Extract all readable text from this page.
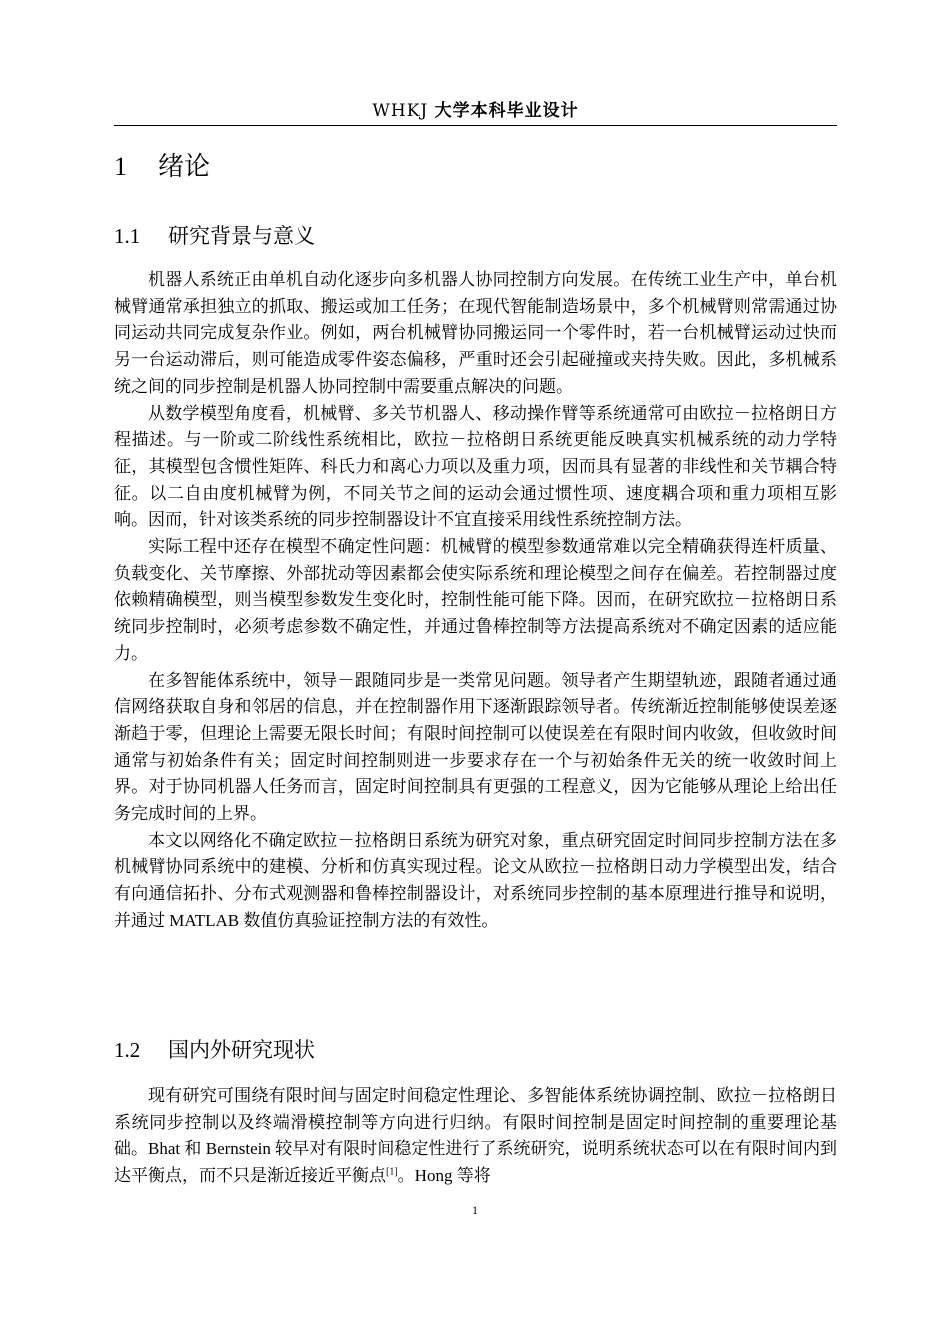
WHKJ 大学本科毕业设计
1 绪论
1.1 研究背景与意义

机器人系统正由单机自动化逐步向多机器人协同控制方向发展。在传统工业生产中，单台机械臂通常承担独立的抓取、搬运或加工任务；在现代智能制造场景中，多个机械臂则常需通过协同运动共同完成复杂作业。例如，两台机械臂协同搬运同一个零件时，若一台机械臂运动过快而另一台运动滞后，则可能造成零件姿态偏移，严重时还会引起碰撞或夹持失败。因此，多机械系统之间的同步控制是机器人协同控制中需要重点解决的问题。

从数学模型角度看，机械臂、多关节机器人、移动操作臂等系统通常可由欧拉－拉格朗日方程描述。与一阶或二阶线性系统相比，欧拉－拉格朗日系统更能反映真实机械系统的动力学特征，其模型包含惯性矩阵、科氏力和离心力项以及重力项，因而具有显著的非线性和关节耦合特征。以二自由度机械臂为例，不同关节之间的运动会通过惯性项、速度耦合项和重力项相互影响。因而，针对该类系统的同步控制器设计不宜直接采用线性系统控制方法。

实际工程中还存在模型不确定性问题：机械臂的模型参数通常难以完全精确获得连杆质量、负载变化、关节摩擦、外部扰动等因素都会使实际系统和理论模型之间存在偏差。若控制器过度依赖精确模型，则当模型参数发生变化时，控制性能可能下降。因而，在研究欧拉－拉格朗日系统同步控制时，必须考虑参数不确定性，并通过鲁棒控制等方法提高系统对不确定因素的适应能力。

在多智能体系统中，领导－跟随同步是一类常见问题。领导者产生期望轨迹，跟随者通过通信网络获取自身和邻居的信息，并在控制器作用下逐渐跟踪领导者。传统渐近控制能够使误差逐渐趋于零，但理论上需要无限长时间；有限时间控制可以使误差在有限时间内收敛，但收敛时间通常与初始条件有关；固定时间控制则进一步要求存在一个与初始条件无关的统一收敛时间上界。对于协同机器人任务而言，固定时间控制具有更强的工程意义，因为它能够从理论上给出任务完成时间的上界。

本文以网络化不确定欧拉－拉格朗日系统为研究对象，重点研究固定时间同步控制方法在多机械臂协同系统中的建模、分析和仿真实现过程。论文从欧拉－拉格朗日动力学模型出发，结合有向通信拓扑、分布式观测器和鲁棒控制器设计，对系统同步控制的基本原理进行推导和说明，并通过 MATLAB 数值仿真验证控制方法的有效性。

1.2 国内外研究现状

现有研究可围绕有限时间与固定时间稳定性理论、多智能体系统协调控制、欧拉－拉格朗日系统同步控制以及终端滑模控制等方向进行归纳。有限时间控制是固定时间控制的重要理论基础。Bhat 和 Bernstein 较早对有限时间稳定性进行了系统研究，说明系统状态可以在有限时间内到达平衡点，而不只是渐近接近平衡点[1]。Hong 等将

1
